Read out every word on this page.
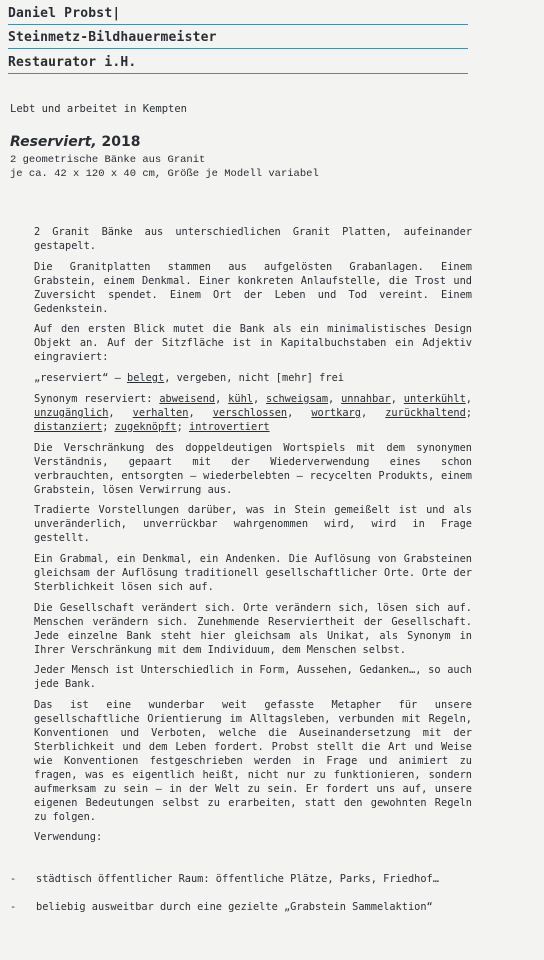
Daniel Probst|
Steinmetz-Bildhauermeister
Restaurator i.H.
Lebt und arbeitet in Kempten
Reserviert, 2018
2 geometrische Bänke aus Granit
je ca. 42 x 120 x 40 cm, Größe je Modell variabel

2 Granit Bänke aus unterschiedlichen Granit Platten, aufeinander gestapelt.

Die Granitplatten stammen aus aufgelösten Grabanlagen. Einem Grabstein, einem Denkmal. Einer konkreten Anlaufstelle, die Trost und Zuversicht spendet. Einem Ort der Leben und Tod vereint. Einem Gedenkstein.

Auf den ersten Blick mutet die Bank als ein minimalistisches Design Objekt an. Auf der Sitzfläche ist in Kapitalbuchstaben ein Adjektiv eingraviert:

„reserviert“ – belegt, vergeben, nicht [mehr] frei

Synonym reserviert: abweisend, kühl, schweigsam, unnahbar, unterkühlt, unzugänglich, verhalten, verschlossen, wortkarg, zurückhaltend; distanziert; zugeknöpft; introvertiert

Die Verschränkung des doppeldeutigen Wortspiels mit dem synonymen Verständnis, gepaart mit der Wiederverwendung eines schon verbrauchten, entsorgten – wiederbelebten – recycelten Produkts, einem Grabstein, lösen Verwirrung aus.

Tradierte Vorstellungen darüber, was in Stein gemeißelt ist und als unveränderlich, unverrückbar wahrgenommen wird, wird in Frage gestellt.

Ein Grabmal, ein Denkmal, ein Andenken. Die Auflösung von Grabsteinen gleichsam der Auflösung traditionell gesellschaftlicher Orte. Orte der Sterblichkeit lösen sich auf.

Die Gesellschaft verändert sich. Orte verändern sich, lösen sich auf. Menschen verändern sich. Zunehmende Reserviertheit der Gesellschaft. Jede einzelne Bank steht hier gleichsam als Unikat, als Synonym in Ihrer Verschränkung mit dem Individuum, dem Menschen selbst.

Jeder Mensch ist Unterschiedlich in Form, Aussehen, Gedanken…, so auch jede Bank.

Das ist eine wunderbar weit gefasste Metapher für unsere gesellschaftliche Orientierung im Alltagsleben, verbunden mit Regeln, Konventionen und Verboten, welche die Auseinandersetzung mit der Sterblichkeit und dem Leben fordert. Probst stellt die Art und Weise wie Konventionen festgeschrieben werden in Frage und animiert zu fragen, was es eigentlich heißt, nicht nur zu funktionieren, sondern aufmerksam zu sein – in der Welt zu sein. Er fordert uns auf, unsere eigenen Bedeutungen selbst zu erarbeiten, statt den gewohnten Regeln zu folgen.

Verwendung:

-	städtisch öffentlicher Raum: öffentliche Plätze, Parks, Friedhof…
-	beliebig ausweitbar durch eine gezielte „Grabstein Sammelaktion“
